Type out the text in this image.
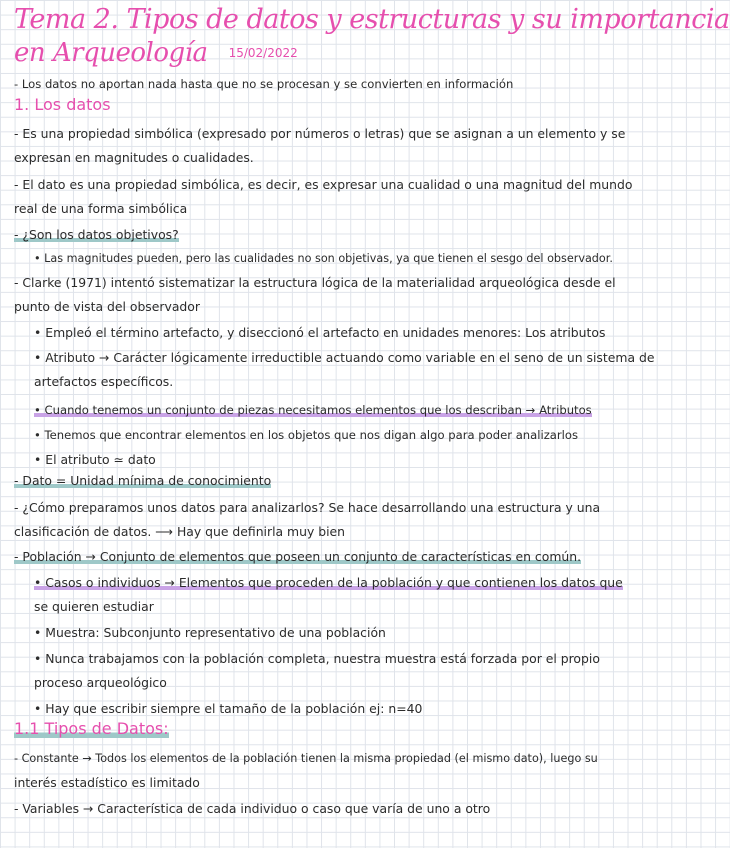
Tema 2. Tipos de datos y estructuras y su importancia
en Arqueología $^{15/02/2022}$
- Los datos no aportan nada hasta que no se procesan y se convierten en información
1. Los datos
- Es una propiedad simbólica (expresado por números o letras) que se asignan a un elemento y se
expresan en magnitudes o cualidades.
- El dato es una propiedad simbólica, es decir, es expresar una cualidad o una magnitud del mundo
real de una forma simbólica
- ¿Son los datos objetivos?
• Las magnitudes pueden, pero las cualidades no son objetivas, ya que tienen el sesgo del observador.
- Clarke (1971) intentó sistematizar la estructura lógica de la materialidad arqueológica desde el
punto de vista del observador
• Empleó el término artefacto, y diseccionó el artefacto en unidades menores: Los atributos
• Atributo → Carácter lógicamente irreductible actuando como variable en el seno de un sistema de
artefactos específicos.
• Cuando tenemos un conjunto de piezas necesitamos elementos que los describan → Atributos
• Tenemos que encontrar elementos en los objetos que nos digan algo para poder analizarlos
• El atributo ≃ dato
- Dato = Unidad mínima de conocimiento
- ¿Cómo preparamos unos datos para analizarlos? Se hace desarrollando una estructura y una
clasificación de datos. ⟶ Hay que definirla muy bien
- Población → Conjunto de elementos que poseen un conjunto de características en común.
• Casos o individuos → Elementos que proceden de la población y que contienen los datos que
se quieren estudiar
• Muestra: Subconjunto representativo de una población
• Nunca trabajamos con la población completa, nuestra muestra está forzada por el propio
proceso arqueológico
• Hay que escribir siempre el tamaño de la población ej: n=40
1.1 Tipos de Datos:
- Constante → Todos los elementos de la población tienen la misma propiedad (el mismo dato), luego su
interés estadístico es limitado
- Variables → Característica de cada individuo o caso que varía de uno a otro
